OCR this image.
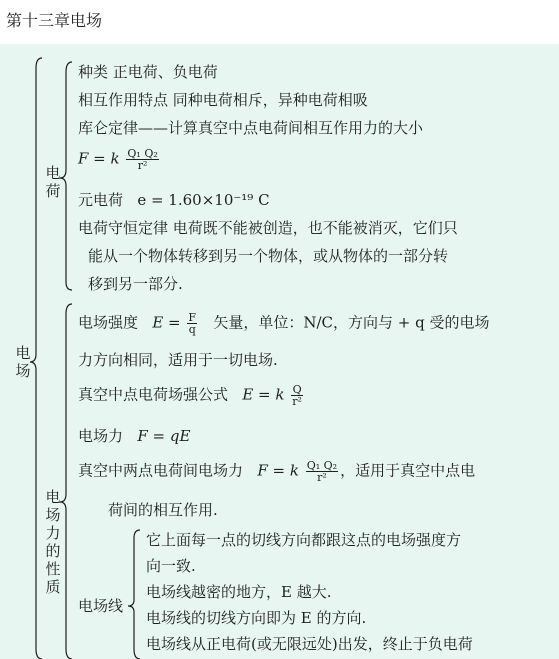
第十三章电场
电场
电荷
种类 正电荷、负电荷
相互作用特点 同种电荷相斥，异种电荷相吸
库仑定律——计算真空中点电荷间相互作用力的大小
F = k $\frac{\text{Q₁ Q₂}}{\text{r²}}$
元电荷 e = 1.60×10⁻¹⁹ C
电荷守恒定律 电荷既不能被创造，也不能被消灭，它们只
能从一个物体转移到另一个物体，或从物体的一部分转
移到另一部分.
电场力的性质
电场强度 $E = \frac{F}{q}$ 矢量，单位：N/C，方向与 + q 受的电场
力方向相同，适用于一切电场.
真空中点电荷场强公式 E = k $\frac{Q}{\text{r²}}$
电场力 F = qE
真空中两点电荷间电场力 F = k $\frac{\text{Q₁ Q₂}}{\text{r²}}$ ，适用于真空中点电
荷间的相互作用.
电场线
它上面每一点的切线方向都跟这点的电场强度方
向一致.
电场线越密的地方，E 越大.
电场线的切线方向即为 E 的方向.
电场线从正电荷(或无限远处)出发，终止于负电荷
